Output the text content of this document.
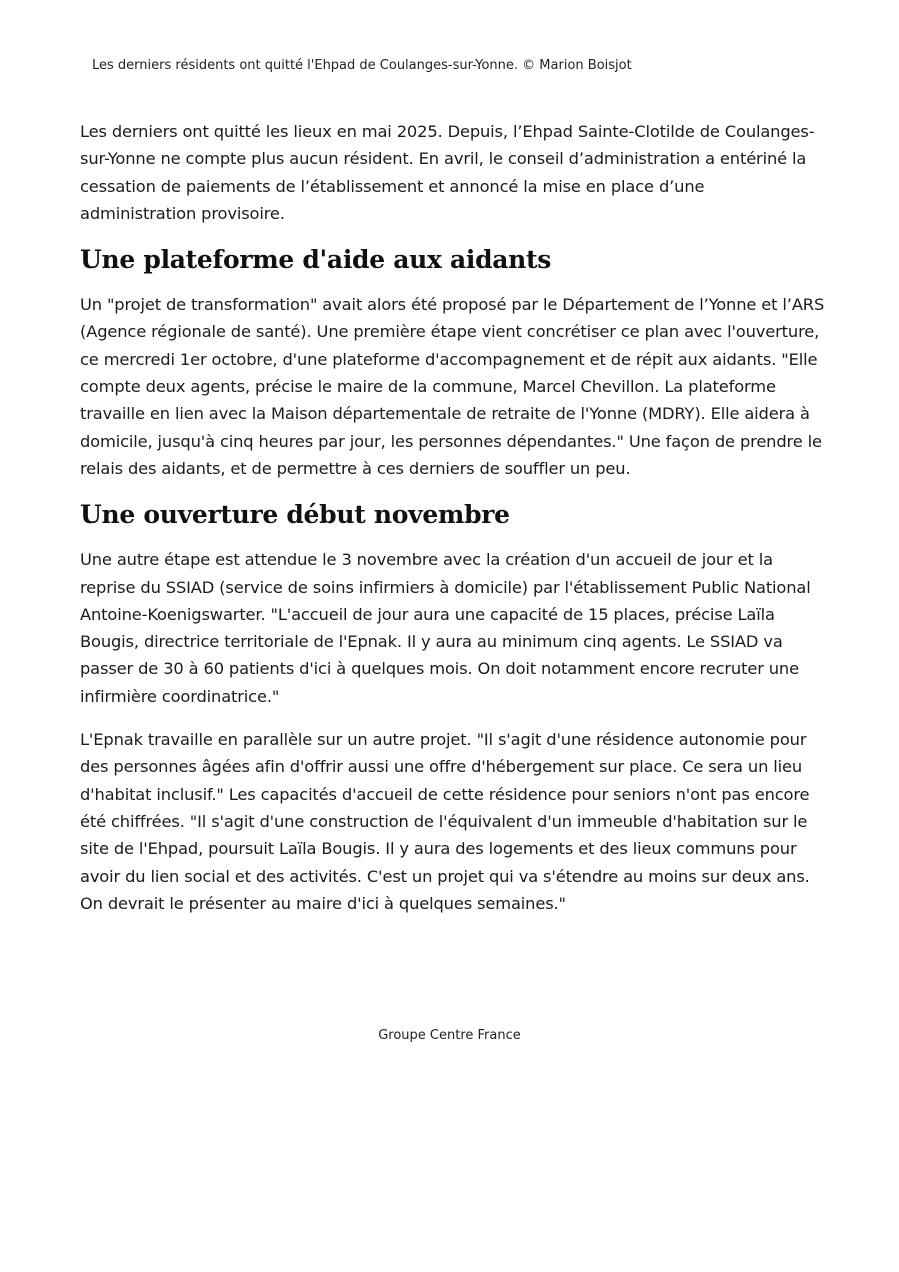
Les derniers résidents ont quitté l'Ehpad de Coulanges-sur-Yonne. © Marion Boisjot

Les derniers ont quitté les lieux en mai 2025. Depuis, l’Ehpad Sainte-Clotilde de Coulanges-sur-Yonne ne compte plus aucun résident. En avril, le conseil d’administration a entériné la cessation de paiements de l’établissement et annoncé la mise en place d’une administration provisoire.

Une plateforme d'aide aux aidants

Un "projet de transformation" avait alors été proposé par le Département de l’Yonne et l’ARS (Agence régionale de santé). Une première étape vient concrétiser ce plan avec l'ouverture, ce mercredi 1er octobre, d'une plateforme d'accompagnement et de répit aux aidants. "Elle compte deux agents, précise le maire de la commune, Marcel Chevillon. La plateforme travaille en lien avec la Maison départementale de retraite de l'Yonne (MDRY). Elle aidera à domicile, jusqu'à cinq heures par jour, les personnes dépendantes." Une façon de prendre le relais des aidants, et de permettre à ces derniers de souffler un peu.

Une ouverture début novembre

Une autre étape est attendue le 3 novembre avec la création d'un accueil de jour et la reprise du SSIAD (service de soins infirmiers à domicile) par l'établissement Public National Antoine-Koenigswarter. "L'accueil de jour aura une capacité de 15 places, précise Laïla Bougis, directrice territoriale de l'Epnak. Il y aura au minimum cinq agents. Le SSIAD va passer de 30 à 60 patients d'ici à quelques mois. On doit notamment encore recruter une infirmière coordinatrice."

L'Epnak travaille en parallèle sur un autre projet. "Il s'agit d'une résidence autonomie pour des personnes âgées afin d'offrir aussi une offre d'hébergement sur place. Ce sera un lieu d'habitat inclusif." Les capacités d'accueil de cette résidence pour seniors n'ont pas encore été chiffrées. "Il s'agit d'une construction de l'équivalent d'un immeuble d'habitation sur le site de l'Ehpad, poursuit Laïla Bougis. Il y aura des logements et des lieux communs pour avoir du lien social et des activités. C'est un projet qui va s'étendre au moins sur deux ans. On devrait le présenter au maire d'ici à quelques semaines."

Groupe Centre France
